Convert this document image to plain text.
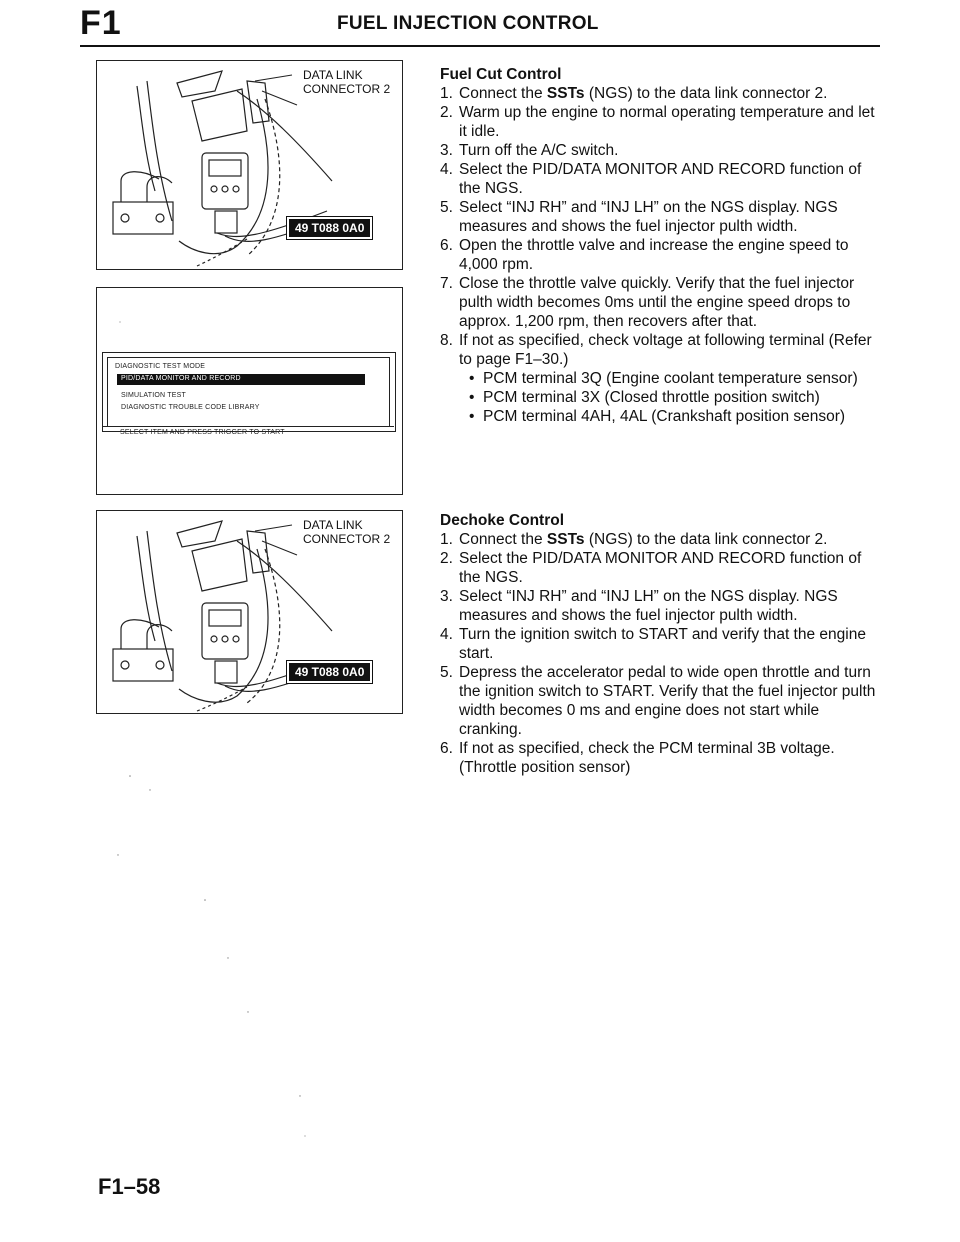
F1	FUEL INJECTION CONTROL
DATA LINK
CONNECTOR 2
49 T088 0A0
DIAGNOSTIC TEST MODE
PID/DATA MONITOR AND RECORD
SIMULATION TEST
DIAGNOSTIC TROUBLE CODE LIBRARY
SELECT ITEM AND PRESS TRIGGER TO START
DATA LINK
CONNECTOR 2
49 T088 0A0
Fuel Cut Control
1. Connect the SSTs (NGS) to the data link connector 2.
2. Warm up the engine to normal operating temperature and let it idle.
3. Turn off the A/C switch.
4. Select the PID/DATA MONITOR AND RECORD function of the NGS.
5. Select “INJ RH” and “INJ LH” on the NGS display. NGS measures and shows the fuel injector pulth width.
6. Open the throttle valve and increase the engine speed to 4,000 rpm.
7. Close the throttle valve quickly. Verify that the fuel injector pulth width becomes 0ms until the engine speed drops to approx. 1,200 rpm, then recovers after that.
8. If not as specified, check voltage at following terminal (Refer to page F1–30.)
• PCM terminal 3Q (Engine coolant temperature sensor)
• PCM terminal 3X (Closed throttle position switch)
• PCM terminal 4AH, 4AL (Crankshaft position sensor)
Dechoke Control
1. Connect the SSTs (NGS) to the data link connector 2.
2. Select the PID/DATA MONITOR AND RECORD function of the NGS.
3. Select “INJ RH” and “INJ LH” on the NGS display. NGS measures and shows the fuel injector pulth width.
4. Turn the ignition switch to START and verify that the engine start.
5. Depress the accelerator pedal to wide open throttle and turn the ignition switch to START. Verify that the fuel injector pulth width becomes 0 ms and engine does not start while cranking.
6. If not as specified, check the PCM terminal 3B voltage. (Throttle position sensor)
F1–58
